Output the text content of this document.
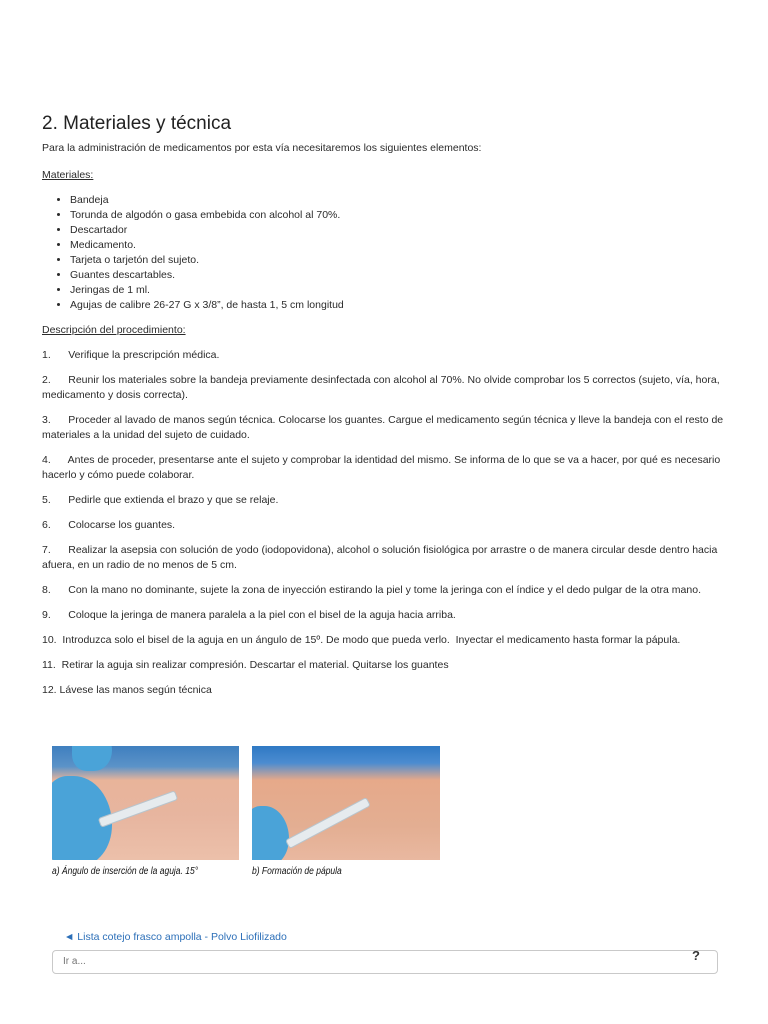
2. Materiales y técnica

Para la administración de medicamentos por esta vía necesitaremos los siguientes elementos:

Materiales:

• Bandeja
• Torunda de algodón o gasa embebida con alcohol al 70%.
• Descartador
• Medicamento.
• Tarjeta o tarjetón del sujeto.
• Guantes descartables.
• Jeringas de 1 ml.
• Agujas de calibre 26-27 G x 3/8”, de hasta 1, 5 cm longitud

Descripción del procedimiento:

1.      Verifique la prescripción médica.

2.      Reunir los materiales sobre la bandeja previamente desinfectada con alcohol al 70%. No olvide comprobar los 5 correctos (sujeto, vía, hora, medicamento y dosis correcta).

3.      Proceder al lavado de manos según técnica. Colocarse los guantes. Cargue el medicamento según técnica y lleve la bandeja con el resto de materiales a la unidad del sujeto de cuidado.

4.      Antes de proceder, presentarse ante el sujeto y comprobar la identidad del mismo. Se informa de lo que se va a hacer, por qué es necesario hacerlo y cómo puede colaborar.

5.      Pedirle que extienda el brazo y que se relaje.

6.      Colocarse los guantes.

7.      Realizar la asepsia con solución de yodo (iodopovidona), alcohol o solución fisiológica por arrastre o de manera circular desde dentro hacia afuera, en un radio de no menos de 5 cm.

8.      Con la mano no dominante, sujete la zona de inyección estirando la piel y tome la jeringa con el índice y el dedo pulgar de la otra mano.

9.      Coloque la jeringa de manera paralela a la piel con el bisel de la aguja hacia arriba.

10.  Introduzca solo el bisel de la aguja en un ángulo de 15º. De modo que pueda verlo.  Inyectar el medicamento hasta formar la pápula.

11.  Retirar la aguja sin realizar compresión. Descartar el material. Quitarse los guantes

12. Lávese las manos según técnica

a) Ángulo de inserción de la aguja. 15°	b) Formación de pápula
◄ Lista cotejo frasco ampolla - Polvo Liofilizado
Ir a...
?
